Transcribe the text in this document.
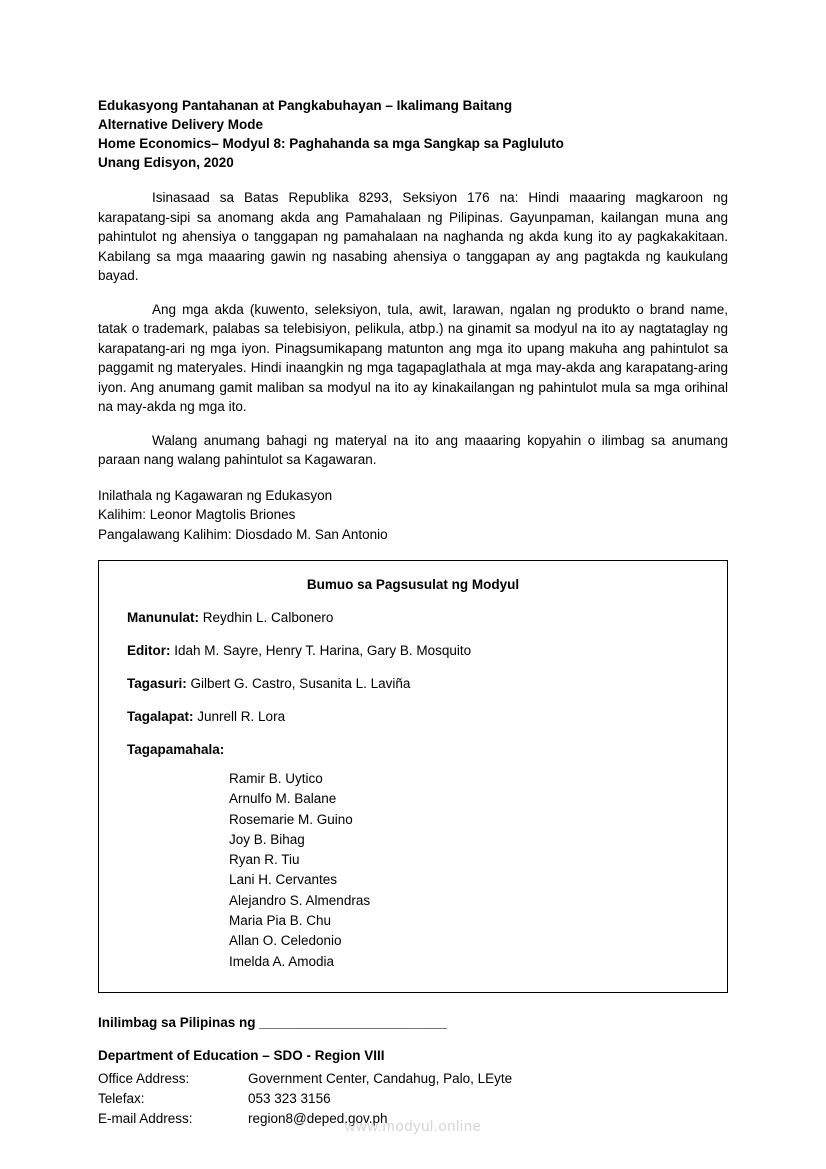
Edukasyong Pantahanan at Pangkabuhayan – Ikalimang Baitang
Alternative Delivery Mode
Home Economics– Modyul 8: Paghahanda sa mga Sangkap sa Pagluluto
Unang Edisyon, 2020

Isinasaad sa Batas Republika 8293, Seksiyon 176 na: Hindi maaaring magkaroon ng karapatang-sipi sa anomang akda ang Pamahalaan ng Pilipinas. Gayunpaman, kailangan muna ang pahintulot ng ahensiya o tanggapan ng pamahalaan na naghanda ng akda kung ito ay pagkakakitaan. Kabilang sa mga maaaring gawin ng nasabing ahensiya o tanggapan ay ang pagtakda ng kaukulang bayad.

Ang mga akda (kuwento, seleksiyon, tula, awit, larawan, ngalan ng produkto o brand name, tatak o trademark, palabas sa telebisiyon, pelikula, atbp.) na ginamit sa modyul na ito ay nagtataglay ng karapatang-ari ng mga iyon. Pinagsumikapang matunton ang mga ito upang makuha ang pahintulot sa paggamit ng materyales. Hindi inaangkin ng mga tagapaglathala at mga may-akda ang karapatang-aring iyon. Ang anumang gamit maliban sa modyul na ito ay kinakailangan ng pahintulot mula sa mga orihinal na may-akda ng mga ito.

Walang anumang bahagi ng materyal na ito ang maaaring kopyahin o ilimbag sa anumang paraan nang walang pahintulot sa Kagawaran.

Inilathala ng Kagawaran ng Edukasyon
Kalihim: Leonor Magtolis Briones
Pangalawang Kalihim: Diosdado M. San Antonio
Bumuo sa Pagsusulat ng Modyul
Manunulat: Reydhin L. Calbonero
Editor: Idah M. Sayre, Henry T. Harina, Gary B. Mosquito
Tagasuri: Gilbert G. Castro, Susanita L. Laviña
Tagalapat: Junrell R. Lora
Tagapamahala:
Ramir B. Uytico
Arnulfo M. Balane
Rosemarie M. Guino
Joy B. Bihag
Ryan R. Tiu
Lani H. Cervantes
Alejandro S. Almendras
Maria Pia B. Chu
Allan O. Celedonio
Imelda A. Amodia
Inilimbag sa Pilipinas ng _________________________
Department of Education – SDO - Region VIII
Office Address:	Government Center, Candahug, Palo, LEyte
Telefax:	053 323 3156
E-mail Address:	region8@deped.gov.ph
www.modyul.online
